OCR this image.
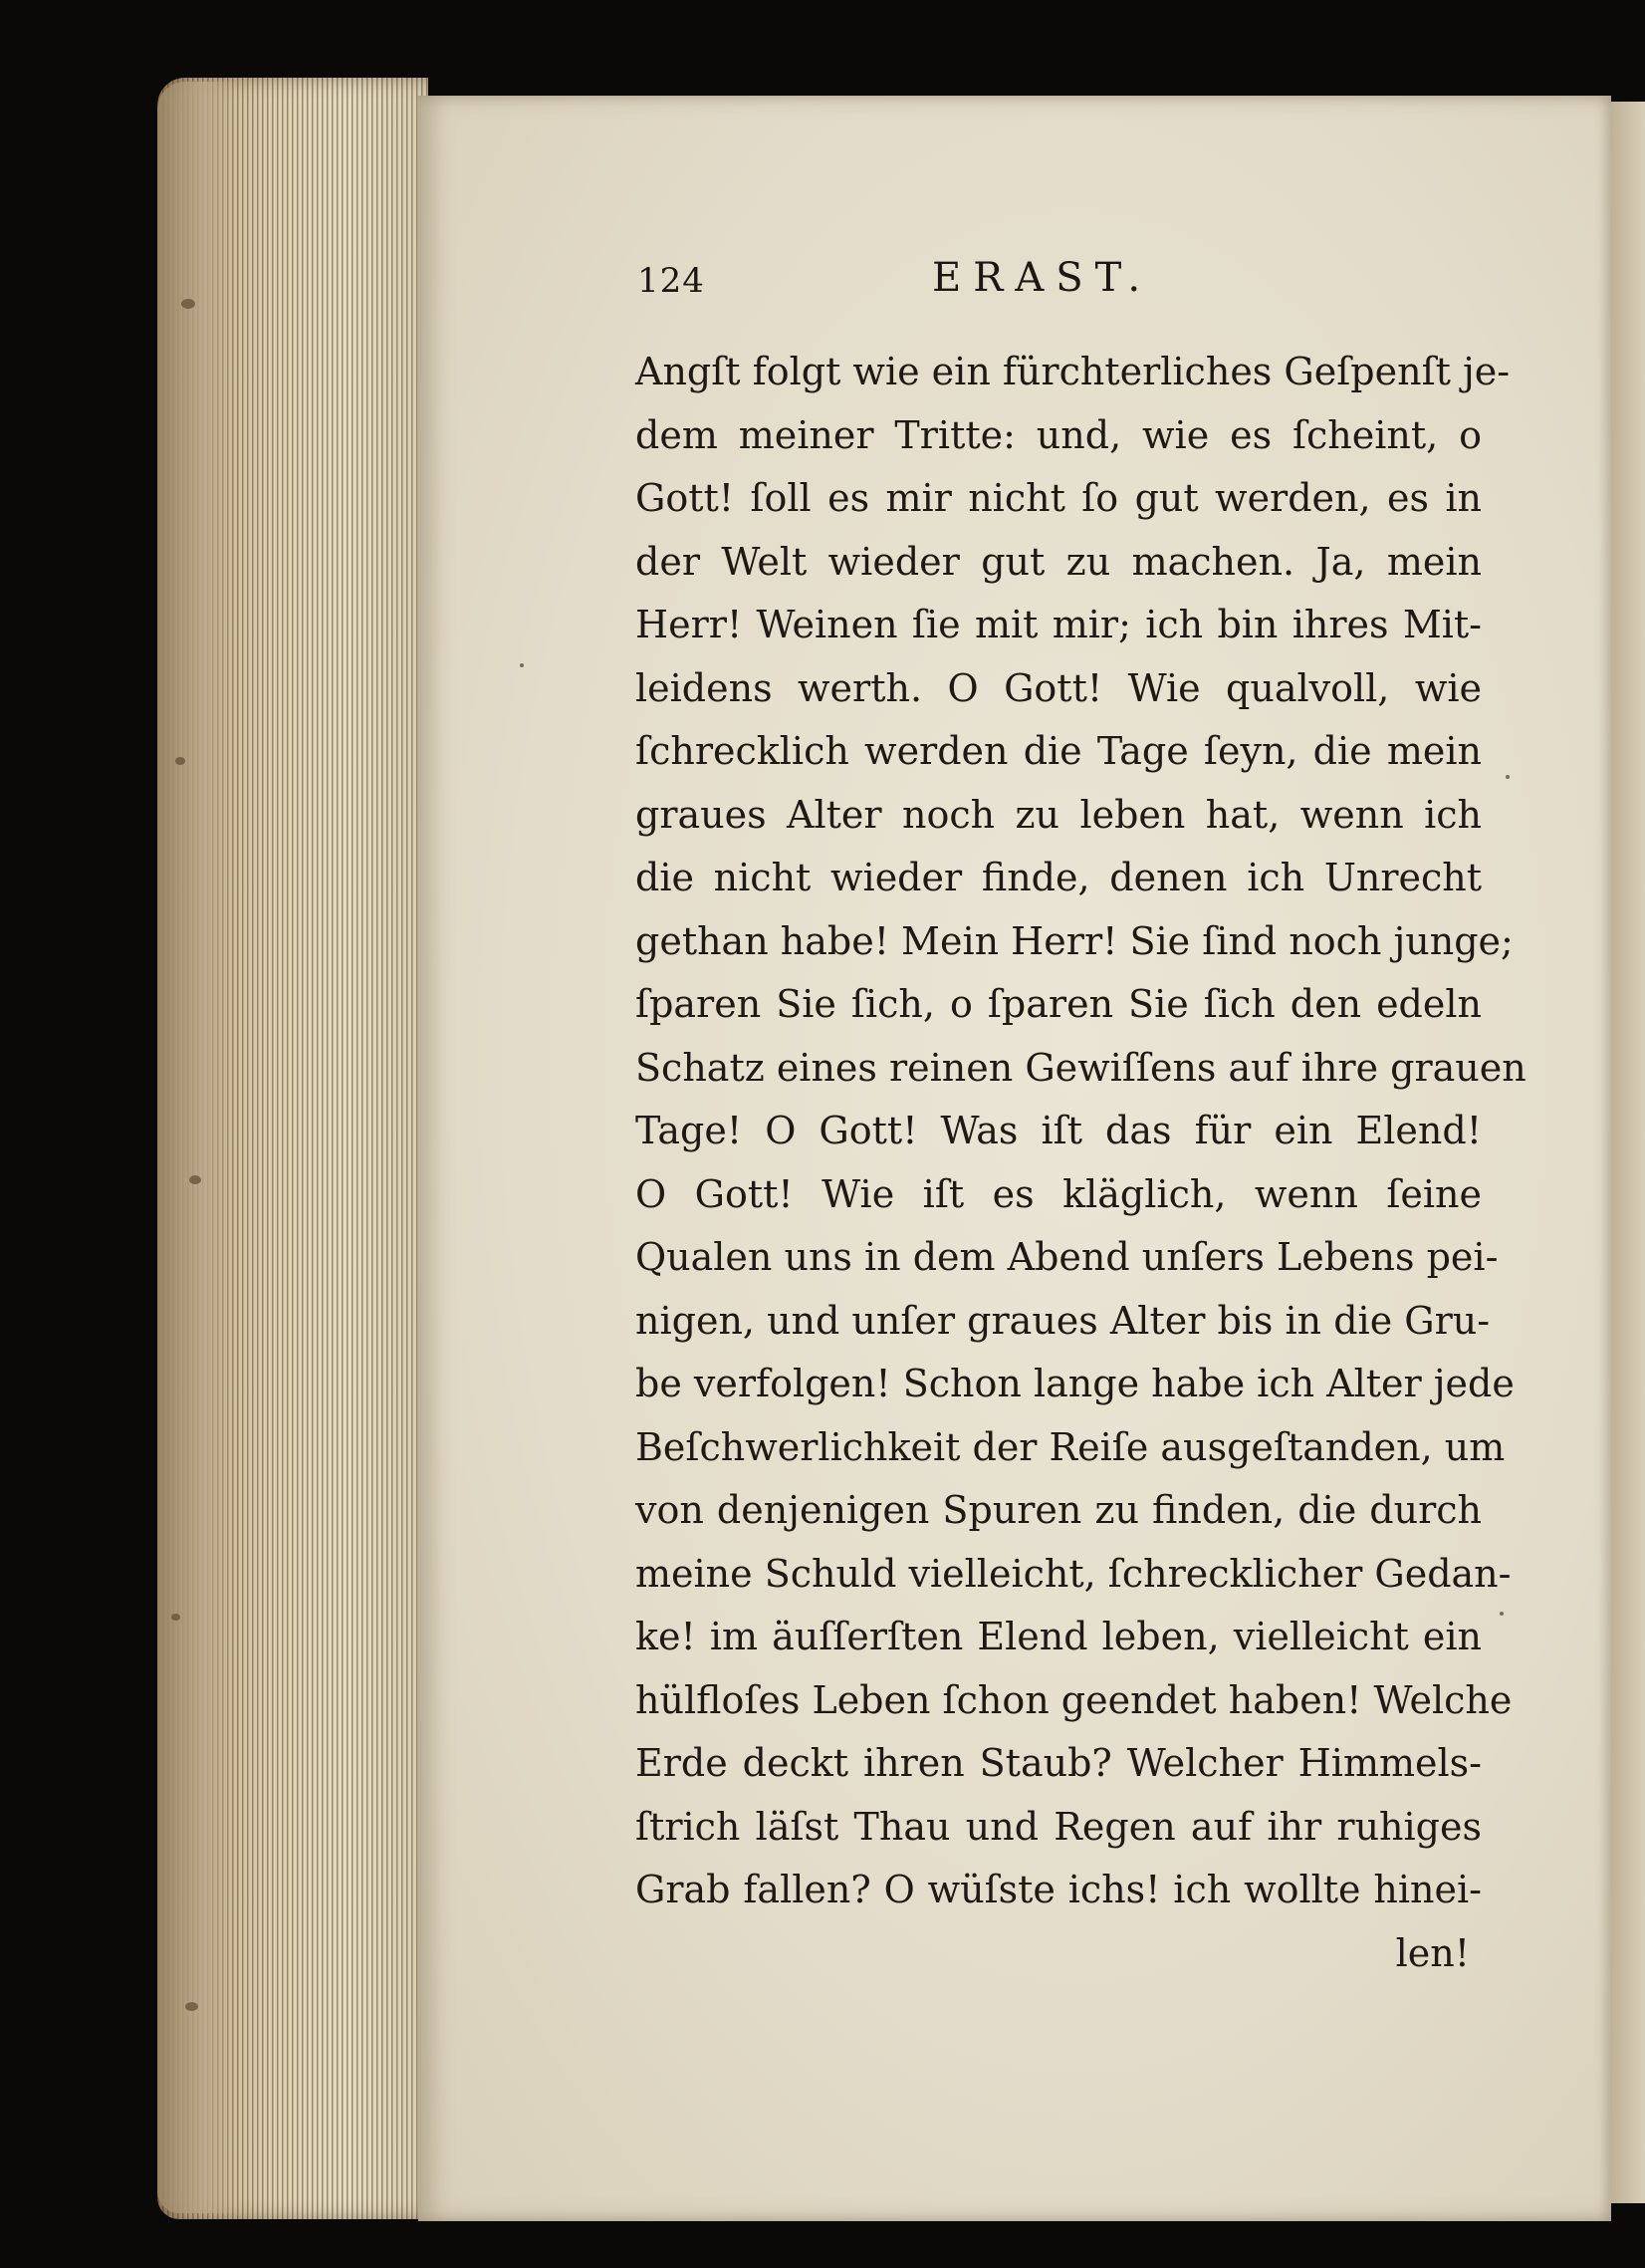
124	ERAST.
Angſt folgt wie ein fürchterliches Geſpenſt je-
dem meiner Tritte: und, wie es ſcheint, o
Gott! ſoll es mir nicht ſo gut werden, es in
der Welt wieder gut zu machen. Ja, mein
Herr! Weinen ſie mit mir; ich bin ihres Mit-
leidens werth. O Gott! Wie qualvoll, wie
ſchrecklich werden die Tage ſeyn, die mein
graues Alter noch zu leben hat, wenn ich
die nicht wieder finde, denen ich Unrecht
gethan habe! Mein Herr! Sie ſind noch junge;
ſparen Sie ſich, o ſparen Sie ſich den edeln
Schatz eines reinen Gewiſſens auf ihre grauen
Tage! O Gott! Was iſt das für ein Elend!
O Gott! Wie iſt es kläglich, wenn ſeine
Qualen uns in dem Abend unſers Lebens pei-
nigen, und unſer graues Alter bis in die Gru-
be verfolgen! Schon lange habe ich Alter jede
Beſchwerlichkeit der Reiſe ausgeſtanden, um
von denjenigen Spuren zu finden, die durch
meine Schuld vielleicht, ſchrecklicher Gedan-
ke! im äuſſerſten Elend leben, vielleicht ein
hülfloſes Leben ſchon geendet haben! Welche
Erde deckt ihren Staub? Welcher Himmels-
ſtrich läſst Thau und Regen auf ihr ruhiges
Grab fallen? O wüſste ichs! ich wollte hinei-
len!
